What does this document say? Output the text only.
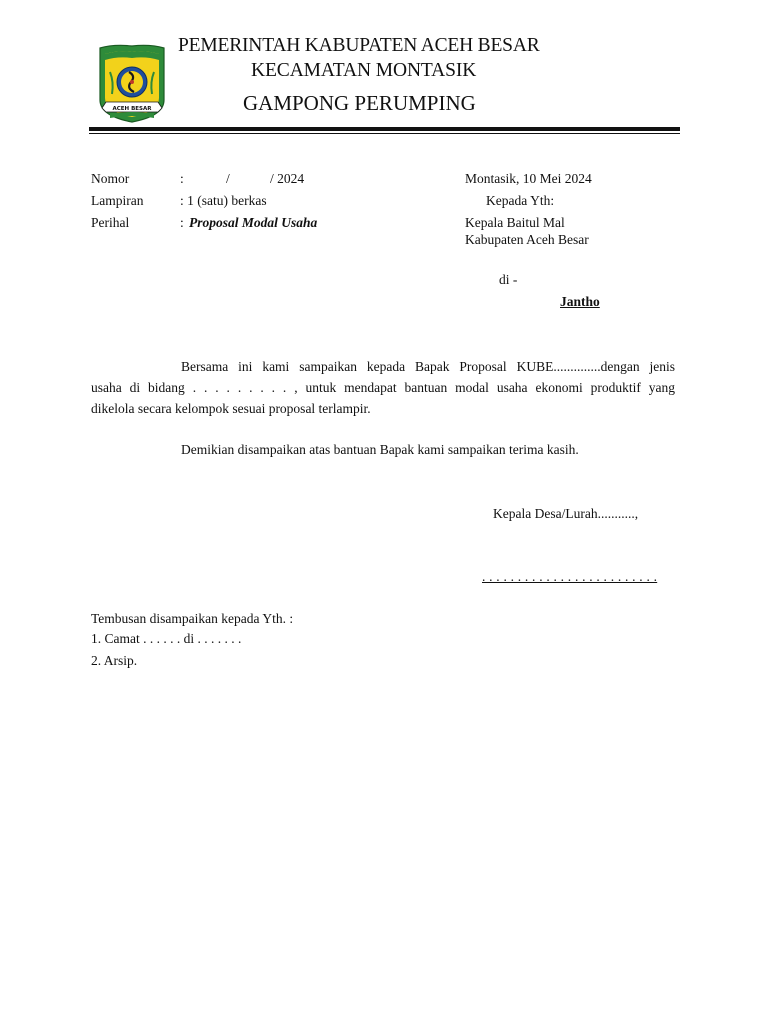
ACEH BESAR
PEMERINTAH KABUPATEN ACEH BESAR
KECAMATAN MONTASIK
GAMPONG PERUMPING
Nomor	:	/	/ 2024
Lampiran	: 1 (satu) berkas
Perihal	: Proposal Modal Usaha
Montasik, 10 Mei 2024
Kepada Yth:
Kepala Baitul Mal
Kabupaten Aceh Besar
di -
Jantho
Bersama ini kami sampaikan kepada Bapak Proposal KUBE..............dengan jenis
usaha di bidang . . . . . . . . . , untuk mendapat bantuan modal usaha ekonomi produktif yang
dikelola secara kelompok sesuai proposal terlampir.
Demikian disampaikan atas bantuan Bapak kami sampaikan terima kasih.
Kepala Desa/Lurah...........,
. . . . . . . . . . . . . . . . . . . . . . . . .
Tembusan disampaikan kepada Yth. :
1. Camat . . . . . . di . . . . . . .
2. Arsip.
